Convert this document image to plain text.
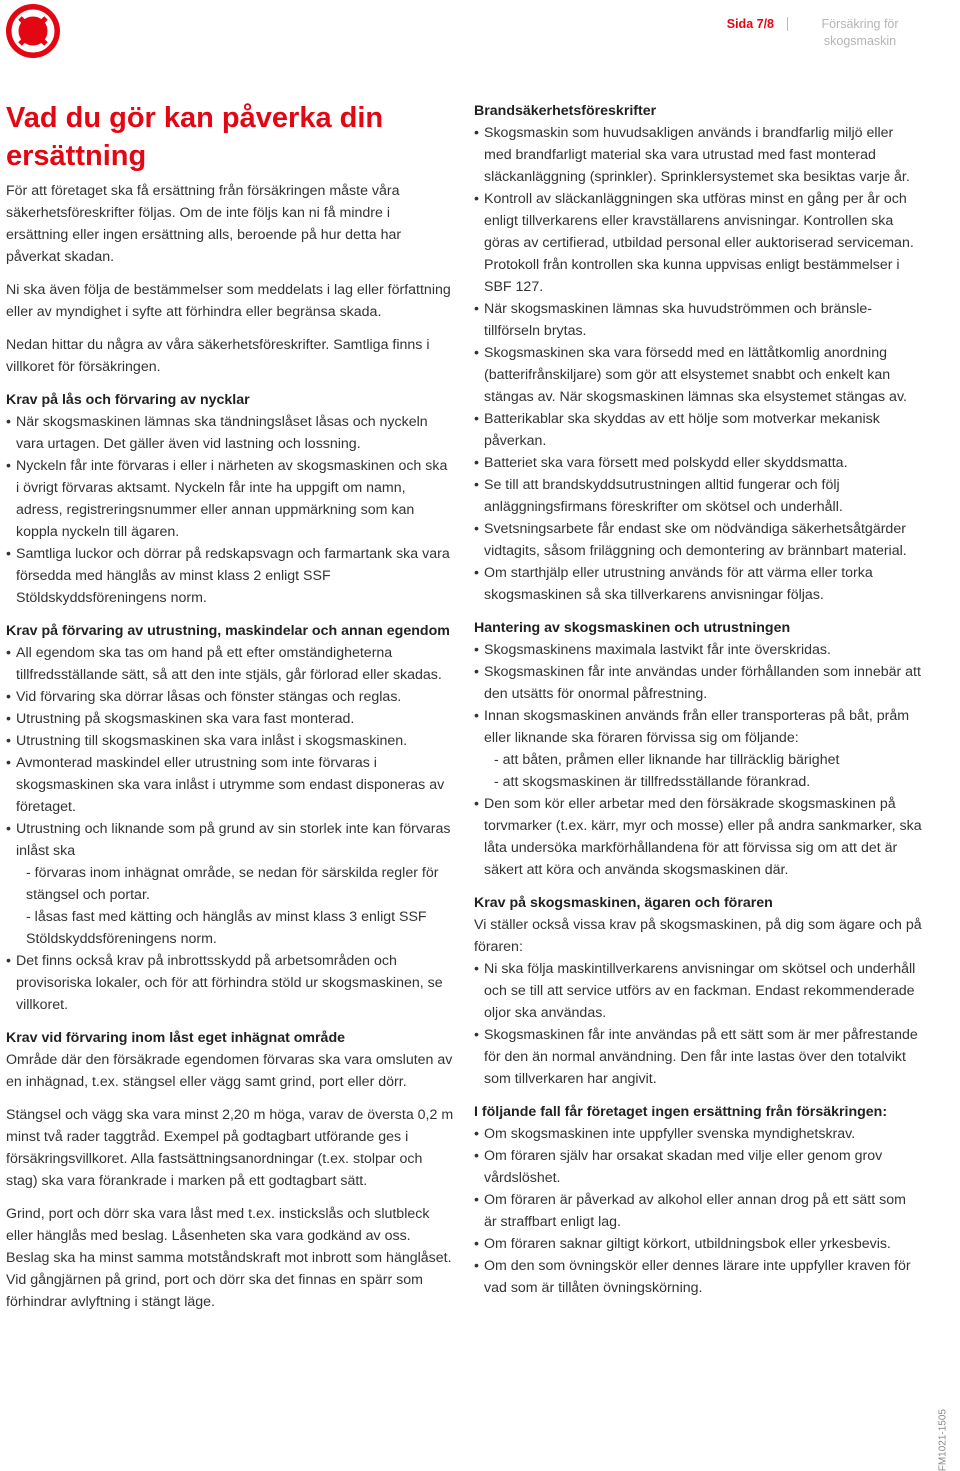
Sida 7/8	Försäkring för skogsmaskin
Vad du gör kan påverka din ersättning

För att företaget ska få ersättning från försäkringen måste våra säkerhetsföreskrifter följas. Om de inte följs kan ni få mindre i ersättning eller ingen ersättning alls, beroende på hur detta har påverkat skadan.

Ni ska även följa de bestämmelser som meddelats i lag eller författning eller av myndighet i syfte att förhindra eller begränsa skada.

Nedan hittar du några av våra säkerhetsföreskrifter. Samtliga finns i villkoret för försäkringen.

Krav på lås och förvaring av nycklar
• När skogsmaskinen lämnas ska tändningslåset låsas och nyckeln vara urtagen. Det gäller även vid lastning och lossning.
• Nyckeln får inte förvaras i eller i närheten av skogsmaskinen och ska i övrigt förvaras aktsamt. Nyckeln får inte ha uppgift om namn, adress, registreringsnummer eller annan uppmärkning som kan koppla nyckeln till ägaren.
• Samtliga luckor och dörrar på redskapsvagn och farmartank ska vara försedda med hänglås av minst klass 2 enligt SSF Stöldskyddsföreningens norm.
Krav på förvaring av utrustning, maskindelar och annan egendom
• All egendom ska tas om hand på ett efter omständigheterna tillfredsställande sätt, så att den inte stjäls, går förlorad eller skadas.
• Vid förvaring ska dörrar låsas och fönster stängas och reglas.
• Utrustning på skogsmaskinen ska vara fast monterad.
• Utrustning till skogsmaskinen ska vara inlåst i skogsmaskinen.
• Avmonterad maskindel eller utrustning som inte förvaras i skogsmaskinen ska vara inlåst i utrymme som endast disponeras av företaget.
• Utrustning och liknande som på grund av sin storlek inte kan förvaras inlåst ska
- förvaras inom inhägnat område, se nedan för särskilda regler för stängsel och portar.
- låsas fast med kätting och hänglås av minst klass 3 enligt SSF Stöldskyddsföreningens norm.
• Det finns också krav på inbrottsskydd på arbetsområden och provisoriska lokaler, och för att förhindra stöld ur skogsmaskinen, se villkoret.
Krav vid förvaring inom låst eget inhägnat område

Område där den försäkrade egendomen förvaras ska vara omsluten av en inhägnad, t.ex. stängsel eller vägg samt grind, port eller dörr.

Stängsel och vägg ska vara minst 2,20 m höga, varav de översta 0,2 m minst två rader taggtråd. Exempel på godtagbart utförande ges i försäkringsvillkoret. Alla fastsättningsanordningar (t.ex. stolpar och stag) ska vara förankrade i marken på ett godtagbart sätt.

Grind, port och dörr ska vara låst med t.ex. instickslås och slutbleck eller hänglås med beslag. Låsenheten ska vara godkänd av oss. Beslag ska ha minst samma motståndskraft mot inbrott som hänglåset. Vid gångjärnen på grind, port och dörr ska det finnas en spärr som förhindrar avlyftning i stängt läge.

Brandsäkerhetsföreskrifter
• Skogsmaskin som huvudsakligen används i brandfarlig miljö eller med brandfarligt material ska vara utrustad med fast monterad släckanläggning (sprinkler). Sprinklersystemet ska besiktas varje år.
• Kontroll av släckanläggningen ska utföras minst en gång per år och enligt tillverkarens eller kravställarens anvisningar. Kontrollen ska göras av certifierad, utbildad personal eller auktoriserad serviceman. Protokoll från kontrollen ska kunna uppvisas enligt bestämmelser i SBF 127.
• När skogsmaskinen lämnas ska huvudströmmen och bränsletillförseln brytas.
• Skogsmaskinen ska vara försedd med en lättåtkomlig anordning (batterifrånskiljare) som gör att elsystemet snabbt och enkelt kan stängas av. När skogsmaskinen lämnas ska elsystemet stängas av.
• Batterikablar ska skyddas av ett hölje som motverkar mekanisk påverkan.
• Batteriet ska vara försett med polskydd eller skyddsmatta.
• Se till att brandskyddsutrustningen alltid fungerar och följ anläggningsfirmans föreskrifter om skötsel och underhåll.
• Svetsningsarbete får endast ske om nödvändiga säkerhetsåtgärder vidtagits, såsom friläggning och demontering av brännbart material.
• Om starthjälp eller utrustning används för att värma eller torka skogsmaskinen så ska tillverkarens anvisningar följas.
Hantering av skogsmaskinen och utrustningen
• Skogsmaskinens maximala lastvikt får inte överskridas.
• Skogsmaskinen får inte användas under förhållanden som innebär att den utsätts för onormal påfrestning.
• Innan skogsmaskinen används från eller transporteras på båt, pråm eller liknande ska föraren förvissa sig om följande:
- att båten, pråmen eller liknande har tillräcklig bärighet
- att skogsmaskinen är tillfredsställande förankrad.
• Den som kör eller arbetar med den försäkrade skogsmaskinen på torvmarker (t.ex. kärr, myr och mosse) eller på andra sankmarker, ska låta undersöka markförhållandena för att förvissa sig om att det är säkert att köra och använda skogsmaskinen där.
Krav på skogsmaskinen, ägaren och föraren

Vi ställer också vissa krav på skogsmaskinen, på dig som ägare och på föraren:

• Ni ska följa maskintillverkarens anvisningar om skötsel och underhåll och se till att service utförs av en fackman. Endast rekommenderade oljor ska användas.
• Skogsmaskinen får inte användas på ett sätt som är mer påfrestande för den än normal användning. Den får inte lastas över den totalvikt som tillverkaren har angivit.
I följande fall får företaget ingen ersättning från försäkringen:
• Om skogsmaskinen inte uppfyller svenska myndighetskrav.
• Om föraren själv har orsakat skadan med vilje eller genom grov vårdslöshet.
• Om föraren är påverkad av alkohol eller annan drog på ett sätt som är straffbart enligt lag.
• Om föraren saknar giltigt körkort, utbildningsbok eller yrkesbevis.
• Om den som övningskör eller dennes lärare inte uppfyller kraven för vad som är tillåten övningskörning.
FM1021-1505
